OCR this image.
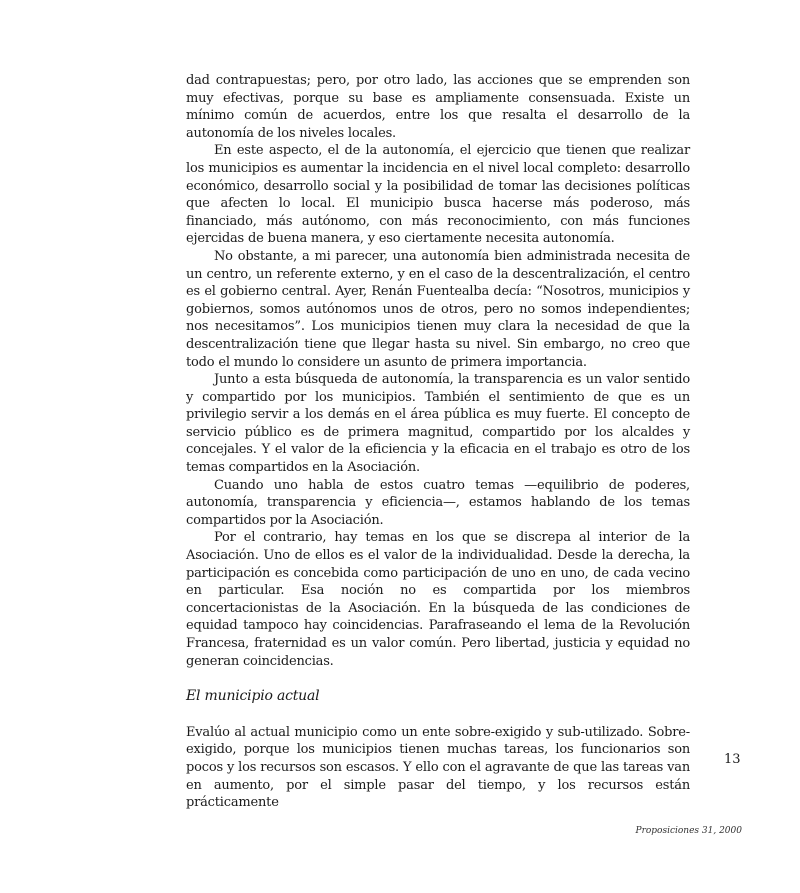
dad contrapuestas; pero, por otro lado, las acciones que se emprenden son muy efectivas, porque su base es ampliamente consensuada. Existe un mínimo común de acuerdos, entre los que resalta el desarrollo de la autonomía de los niveles locales.

En este aspecto, el de la autonomía, el ejercicio que tienen que realizar los municipios es aumentar la incidencia en el nivel local completo: desarrollo económico, desarrollo social y la posibilidad de tomar las decisiones políticas que afecten lo local. El municipio busca hacerse más poderoso, más financiado, más autónomo, con más reconocimiento, con más funciones ejercidas de buena manera, y eso ciertamente necesita autonomía.

No obstante, a mi parecer, una autonomía bien administrada necesita de un centro, un referente externo, y en el caso de la descentralización, el centro es el gobierno central. Ayer, Renán Fuentealba decía: “Nosotros, municipios y gobiernos, somos autónomos unos de otros, pero no somos independientes; nos necesitamos”. Los municipios tienen muy clara la necesidad de que la descentralización tiene que llegar hasta su nivel. Sin embargo, no creo que todo el mundo lo considere un asunto de primera importancia.

Junto a esta búsqueda de autonomía, la transparencia es un valor sentido y compartido por los municipios. También el sentimiento de que es un privilegio servir a los demás en el área pública es muy fuerte. El concepto de servicio público es de primera magnitud, compartido por los alcaldes y concejales. Y el valor de la eficiencia y la eficacia en el trabajo es otro de los temas compartidos en la Asociación.

Cuando uno habla de estos cuatro temas —equilibrio de poderes, autonomía, transparencia y eficiencia—, estamos hablando de los temas compartidos por la Asociación.

Por el contrario, hay temas en los que se discrepa al interior de la Asociación. Uno de ellos es el valor de la individualidad. Desde la derecha, la participación es concebida como participación de uno en uno, de cada vecino en particular. Esa noción no es compartida por los miembros concertacionistas de la Asociación. En la búsqueda de las condiciones de equidad tampoco hay coincidencias. Parafraseando el lema de la Revolución Francesa, fraternidad es un valor común. Pero libertad, justicia y equidad no generan coincidencias.

El municipio actual

Evalúo al actual municipio como un ente sobre-exigido y sub-utilizado. Sobre-exigido, porque los municipios tienen muchas tareas, los funcionarios son pocos y los recursos son escasos. Y ello con el agravante de que las tareas van en aumento, por el simple pasar del tiempo, y los recursos están prácticamente

13
Proposiciones 31, 2000
